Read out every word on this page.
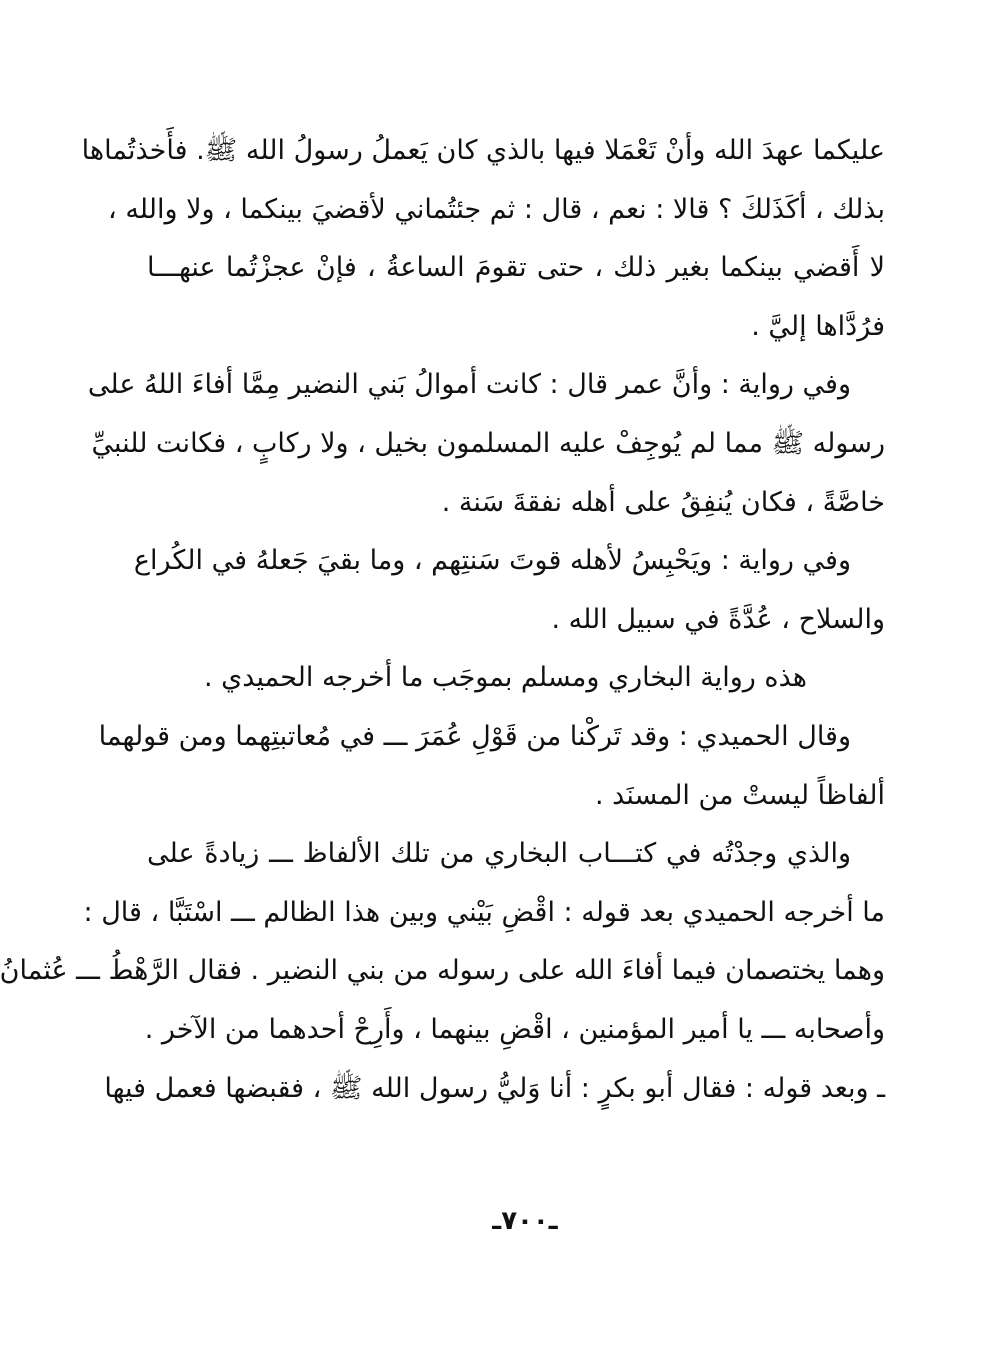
عليكما عهدَ الله وأنْ تَعْمَلا فيها بالذي كان يَعملُ رسولُ الله ﷺ. فأَخذتُماها
بذلك ، أكَذَلكَ ؟ قالا : نعم ، قال : ثم جئتُماني لأقضيَ بينكما ، ولا والله ،
لا أَقضي بينكما بغير ذلك ، حتى تقومَ الساعةُ ، فإنْ عجزْتُما عنهـــا
فرُدَّاها إليَّ .
وفي رواية : وأنَّ عمر قال : كانت أموالُ بَني النضير مِمَّا أفاءَ اللهُ على
رسوله ﷺ مما لم يُوجِفْ عليه المسلمون بخيل ، ولا ركابٍ ، فكانت للنبيِّ
خاصَّةً ، فكان يُنفِقُ على أهله نفقةَ سَنة .
وفي رواية : ويَحْبِسُ لأهله قوتَ سَنتِهم ، وما بقيَ جَعلهُ في الكُراع
والسلاح ، عُدَّةً في سبيل الله .
هذه رواية البخاري ومسلم بموجَب ما أخرجه الحميدي .
وقال الحميدي : وقد تَركْنا من قَوْلِ عُمَرَ ـــ في مُعاتبتِهما ومن قولهما
ألفاظاً ليستْ من المسنَد .
والذي وجدْتُه في كتـــاب البخاري من تلك الألفاظ ـــ زيادةً على
ما أخرجه الحميدي بعد قوله : اقْضِ بَيْني وبين هذا الظالم ـــ اسْتَبَّا ، قال :
وهما يختصمان فيما أفاءَ الله على رسوله من بني النضير . فقال الرَّهْطُ ـــ عُثمانُ
وأصحابه ـــ يا أمير المؤمنين ، اقْضِ بينهما ، وأَرِحْ أحدهما من الآخر .
ـ وبعد قوله : فقال أبو بكرٍ : أنا وَليُّ رسول الله ﷺ ، فقبضها فعمل فيها
ـ٧٠٠ـ
